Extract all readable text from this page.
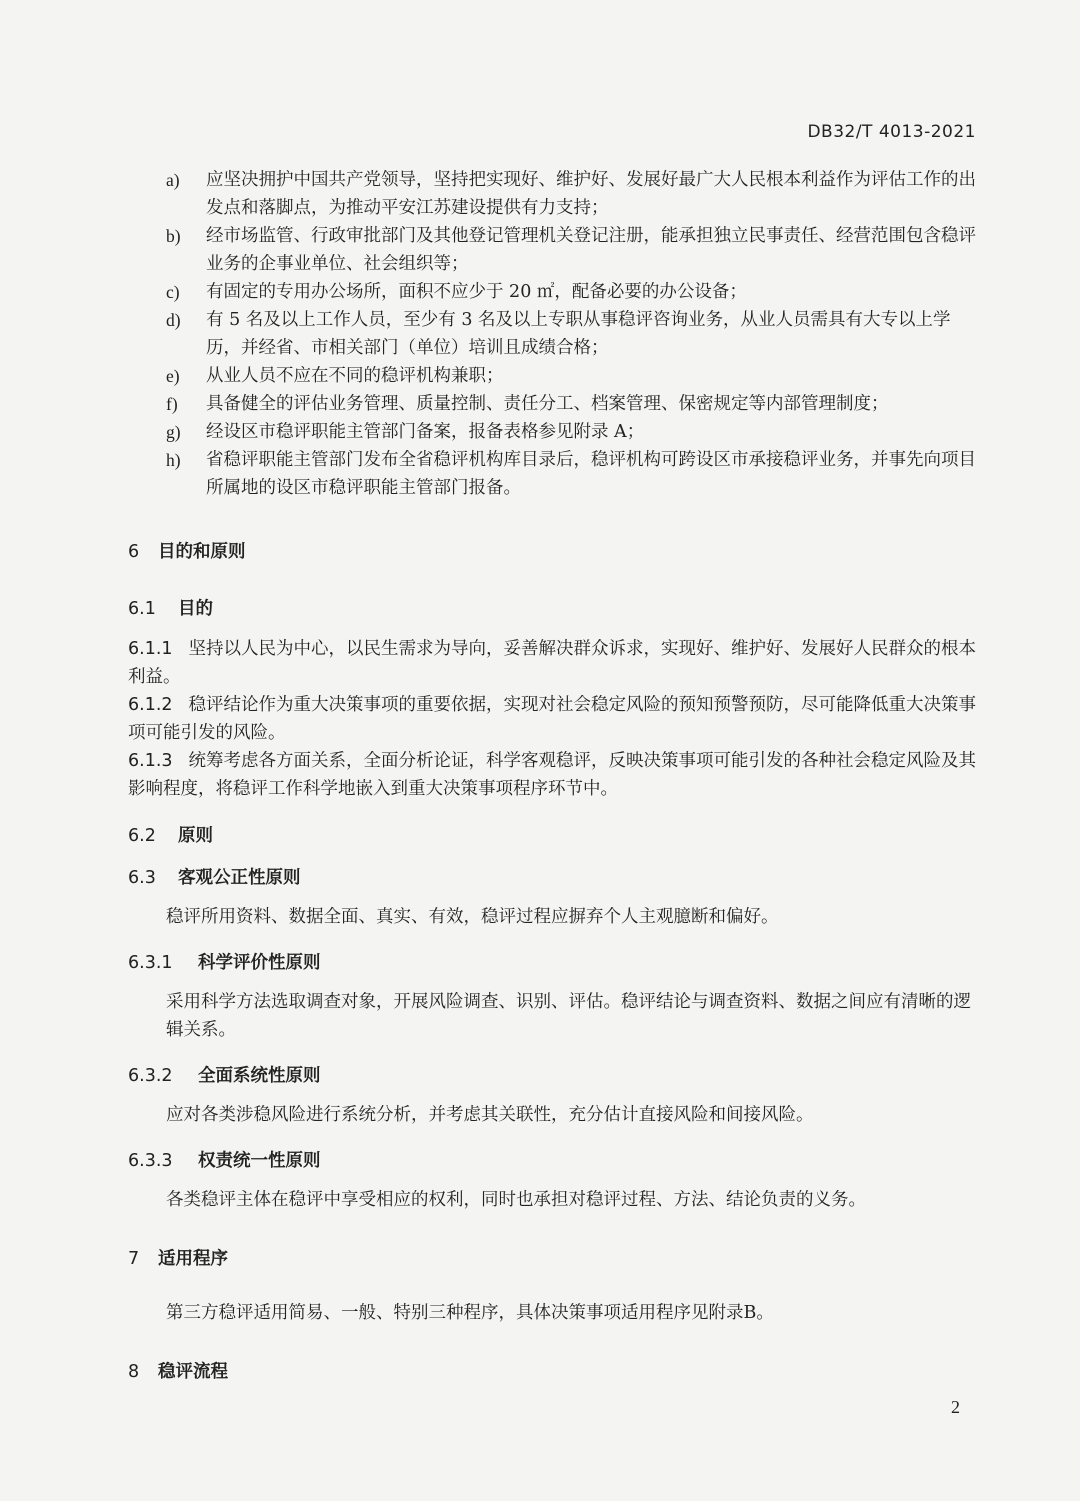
DB32/T 4013-2021
a) 应坚决拥护中国共产党领导，坚持把实现好、维护好、发展好最广大人民根本利益作为评估工作的出发点和落脚点，为推动平安江苏建设提供有力支持；
b) 经市场监管、行政审批部门及其他登记管理机关登记注册，能承担独立民事责任、经营范围包含稳评业务的企事业单位、社会组织等；
c) 有固定的专用办公场所，面积不应少于 20 ㎡，配备必要的办公设备；
d) 有 5 名及以上工作人员，至少有 3 名及以上专职从事稳评咨询业务，从业人员需具有大专以上学历，并经省、市相关部门（单位）培训且成绩合格；
e) 从业人员不应在不同的稳评机构兼职；
f) 具备健全的评估业务管理、质量控制、责任分工、档案管理、保密规定等内部管理制度；
g) 经设区市稳评职能主管部门备案，报备表格参见附录 A；
h) 省稳评职能主管部门发布全省稳评机构库目录后，稳评机构可跨设区市承接稳评业务，并事先向项目所属地的设区市稳评职能主管部门报备。
6 目的和原则
6.1 目的
6.1.1 坚持以人民为中心，以民生需求为导向，妥善解决群众诉求，实现好、维护好、发展好人民群众的根本利益。
6.1.2 稳评结论作为重大决策事项的重要依据，实现对社会稳定风险的预知预警预防，尽可能降低重大决策事项可能引发的风险。
6.1.3 统筹考虑各方面关系，全面分析论证，科学客观稳评，反映决策事项可能引发的各种社会稳定风险及其影响程度，将稳评工作科学地嵌入到重大决策事项程序环节中。
6.2 原则
6.3 客观公正性原则
稳评所用资料、数据全面、真实、有效，稳评过程应摒弃个人主观臆断和偏好。
6.3.1 科学评价性原则
采用科学方法选取调查对象，开展风险调查、识别、评估。稳评结论与调查资料、数据之间应有清晰的逻辑关系。
6.3.2 全面系统性原则
应对各类涉稳风险进行系统分析，并考虑其关联性，充分估计直接风险和间接风险。
6.3.3 权责统一性原则
各类稳评主体在稳评中享受相应的权利，同时也承担对稳评过程、方法、结论负责的义务。
7 适用程序
第三方稳评适用简易、一般、特别三种程序，具体决策事项适用程序见附录B。
8 稳评流程
2
